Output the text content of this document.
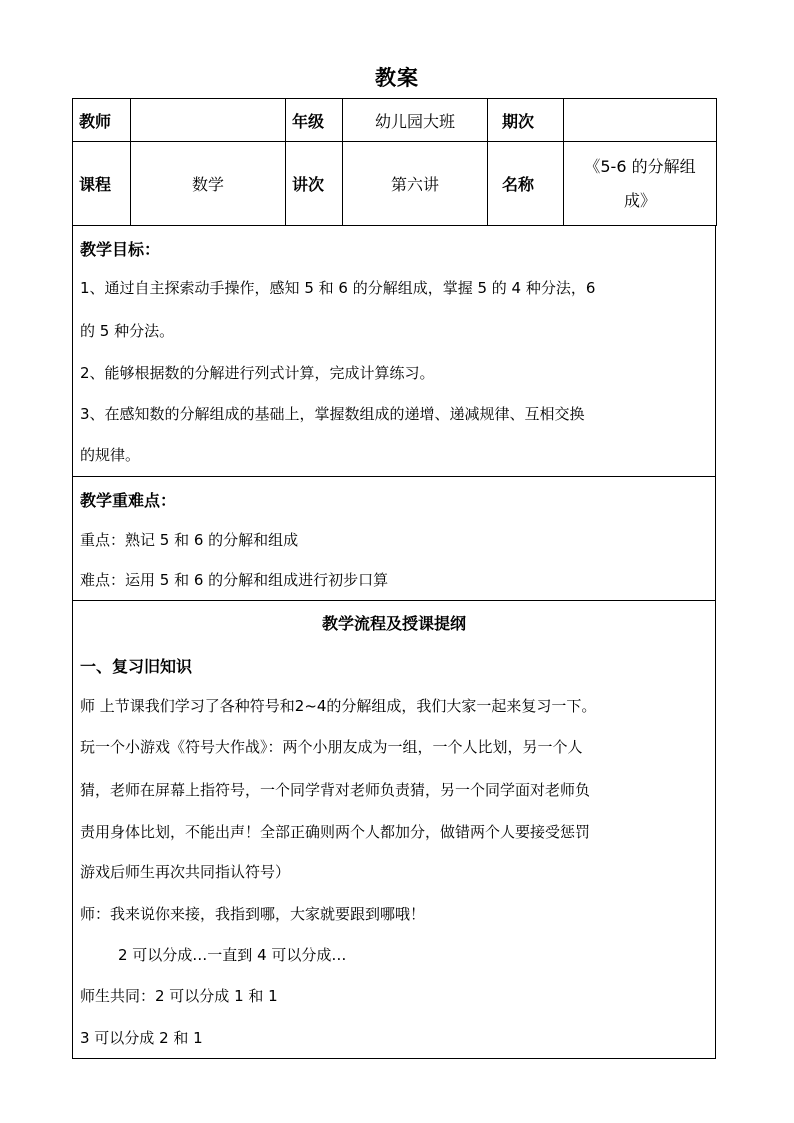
教案
教师		年级	幼儿园大班	期次	
课程	数学	讲次	第六讲	名称	《5-6 的分解组
成》
教学目标：
1、通过自主探索动手操作，感知 5 和 6 的分解组成，掌握 5 的 4 种分法，6
的 5 种分法。
2、能够根据数的分解进行列式计算，完成计算练习。
3、在感知数的分解组成的基础上，掌握数组成的递增、递减规律、互相交换
的规律。
教学重难点：
重点：熟记 5 和 6 的分解和组成
难点：运用 5 和 6 的分解和组成进行初步口算
教学流程及授课提纲
一、复习旧知识
师 上节课我们学习了各种符号和2~4的分解组成，我们大家一起来复习一下。
玩一个小游戏《符号大作战》：两个小朋友成为一组，一个人比划，另一个人
猜，老师在屏幕上指符号，一个同学背对老师负责猜，另一个同学面对老师负
责用身体比划，不能出声！全部正确则两个人都加分，做错两个人要接受惩罚
游戏后师生再次共同指认符号）
师：我来说你来接，我指到哪，大家就要跟到哪哦！
2 可以分成…一直到 4 可以分成…
师生共同：2 可以分成 1 和 1
3 可以分成 2 和 1
